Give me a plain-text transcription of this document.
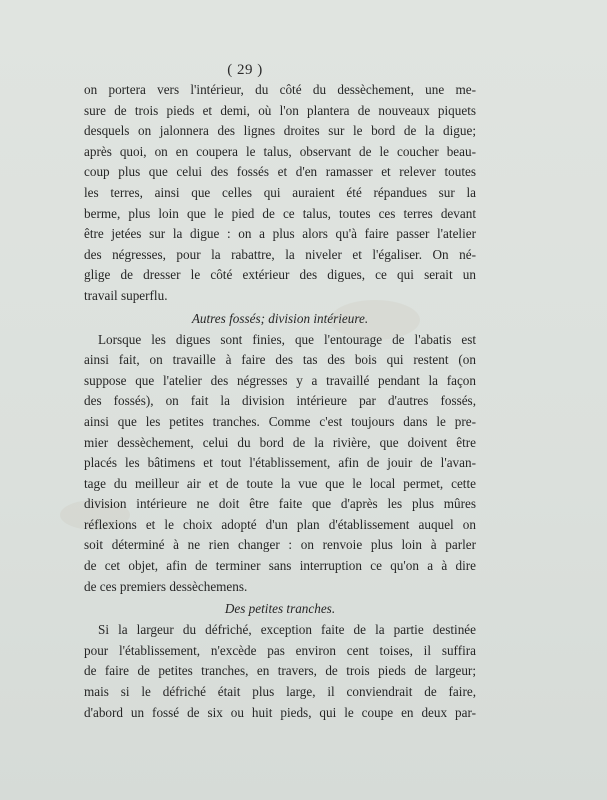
( 29 )
on portera vers l'intérieur, du côté du dessèchement, une me-
sure de trois pieds et demi, où l'on plantera de nouveaux piquets
desquels on jalonnera des lignes droites sur le bord de la digue;
après quoi, on en coupera le talus, observant de le coucher beau-
coup plus que celui des fossés et d'en ramasser et relever toutes
les terres, ainsi que celles qui auraient été répandues sur la
berme, plus loin que le pied de ce talus, toutes ces terres devant
être jetées sur la digue : on a plus alors qu'à faire passer l'atelier
des négresses, pour la rabattre, la niveler et l'égaliser. On né-
glige de dresser le côté extérieur des digues, ce qui serait un
travail superflu.
Autres fossés; division intérieure.
Lorsque les digues sont finies, que l'entourage de l'abatis est
ainsi fait, on travaille à faire des tas des bois qui restent (on
suppose que l'atelier des négresses y a travaillé pendant la façon
des fossés), on fait la division intérieure par d'autres fossés,
ainsi que les petites tranches. Comme c'est toujours dans le pre-
mier dessèchement, celui du bord de la rivière, que doivent être
placés les bâtimens et tout l'établissement, afin de jouir de l'avan-
tage du meilleur air et de toute la vue que le local permet, cette
division intérieure ne doit être faite que d'après les plus mûres
réflexions et le choix adopté d'un plan d'établissement auquel on
soit déterminé à ne rien changer : on renvoie plus loin à parler
de cet objet, afin de terminer sans interruption ce qu'on a à dire
de ces premiers dessèchemens.
Des petites tranches.
Si la largeur du défriché, exception faite de la partie destinée
pour l'établissement, n'excède pas environ cent toises, il suffira
de faire de petites tranches, en travers, de trois pieds de largeur;
mais si le défriché était plus large, il conviendrait de faire,
d'abord un fossé de six ou huit pieds, qui le coupe en deux par-
